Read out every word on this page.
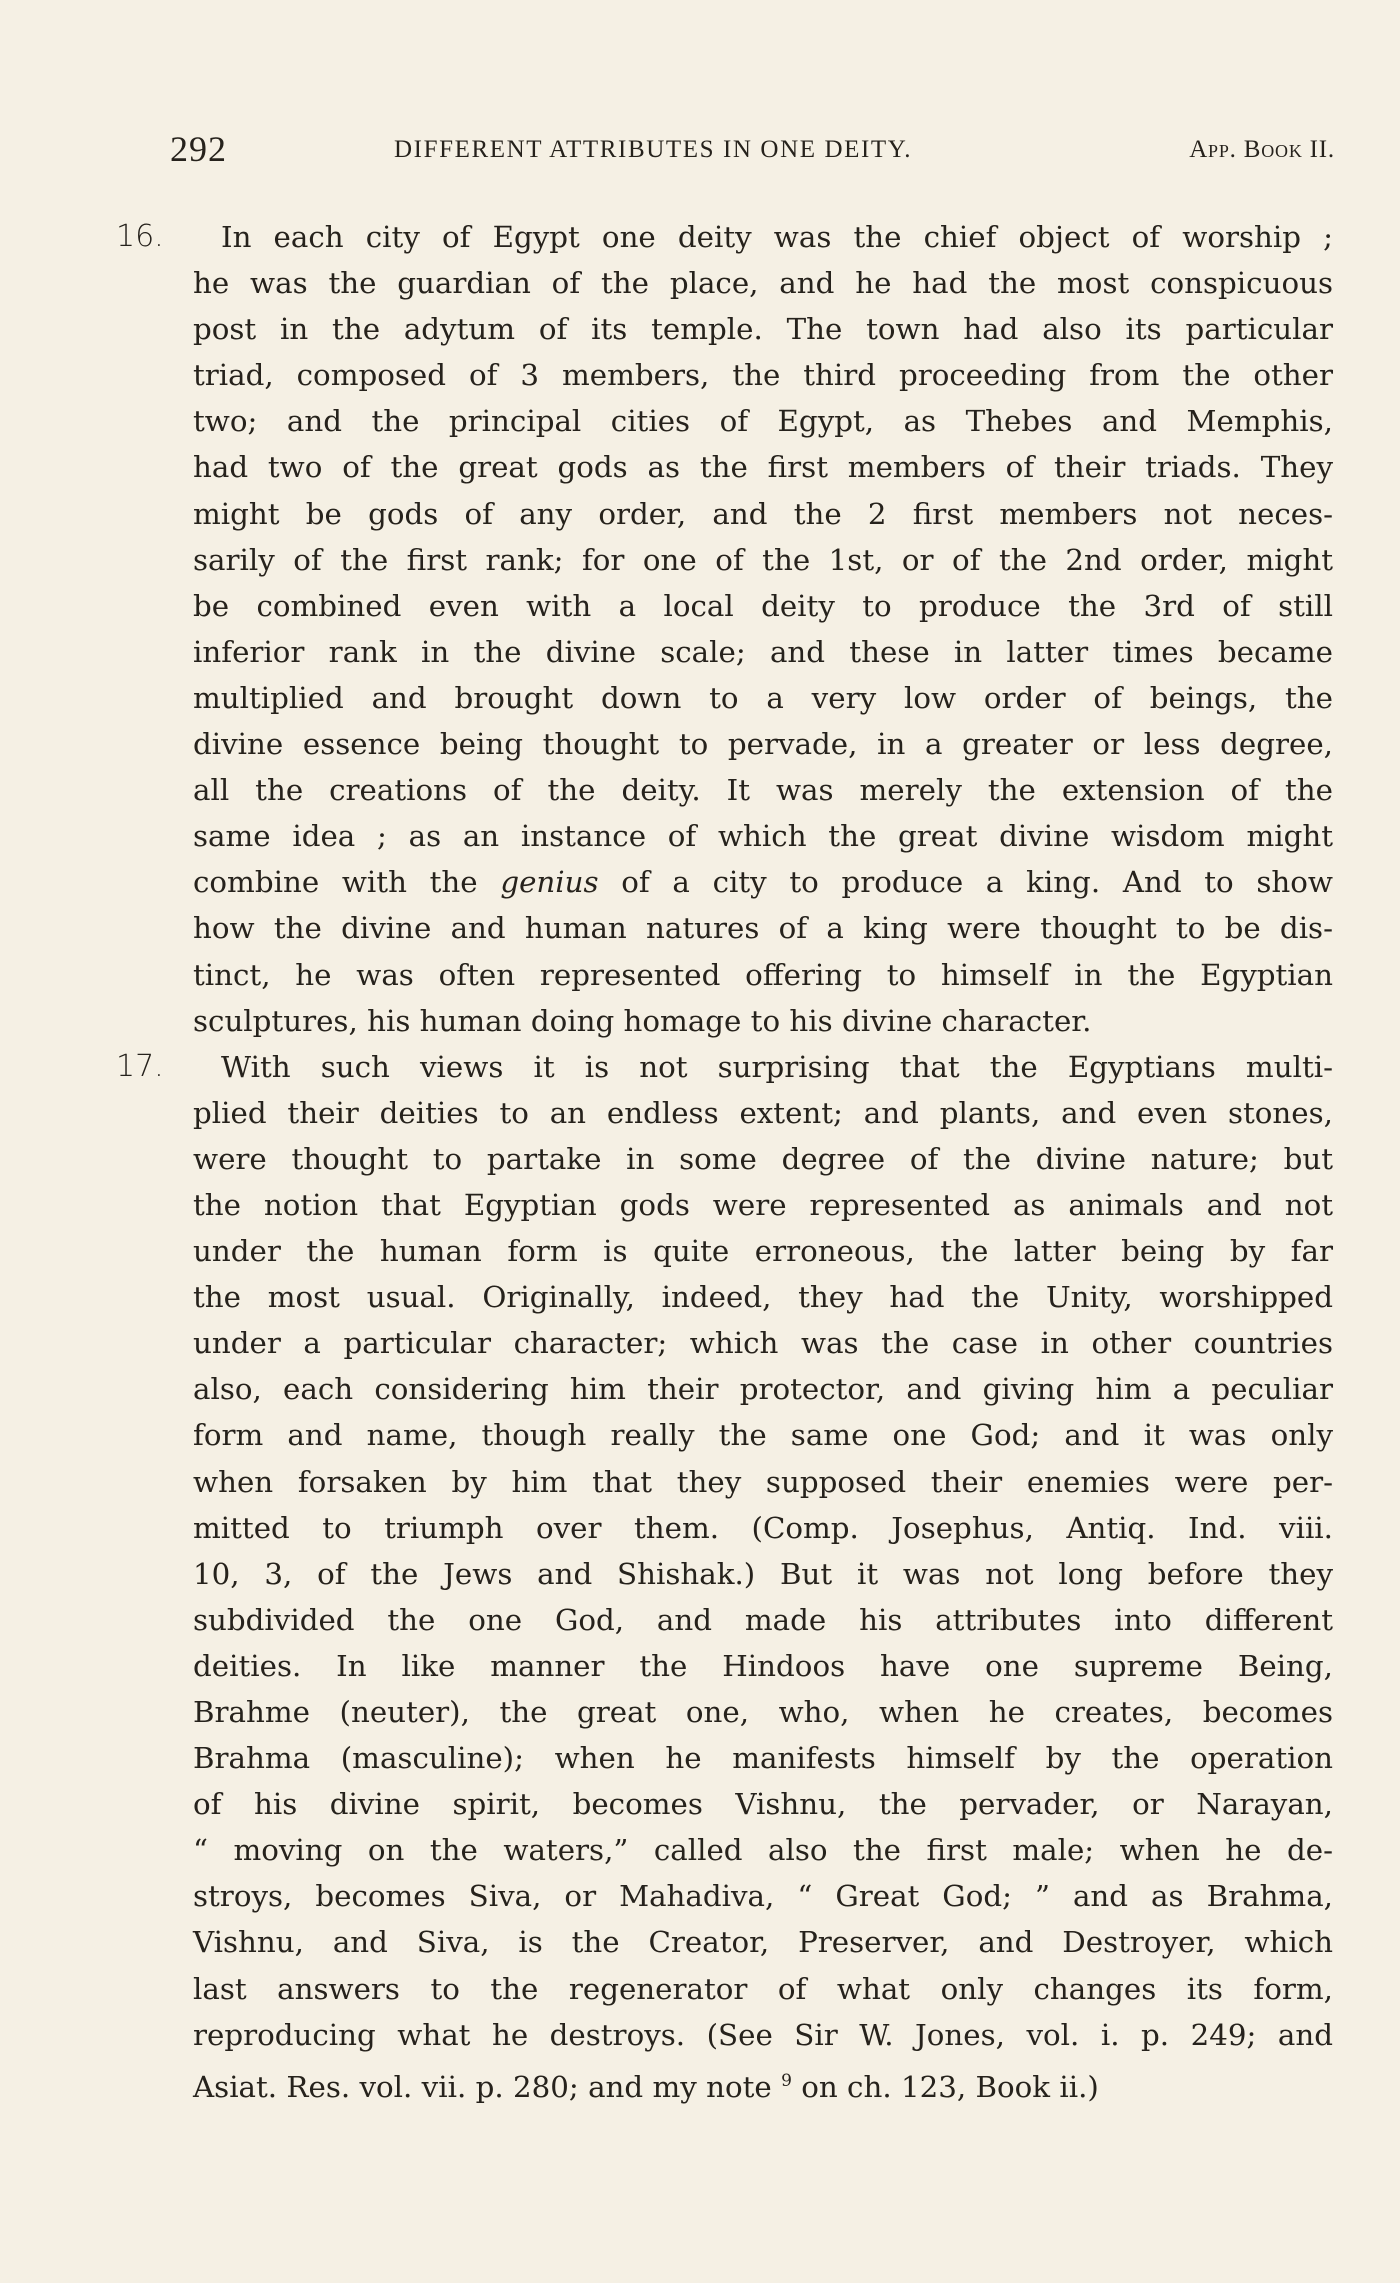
292	DIFFERENT ATTRIBUTES IN ONE DEITY.	App. Book II.
16.	In each city of Egypt one deity was the chief object of worship ;
he was the guardian of the place, and he had the most conspicuous
post in the adytum of its temple. The town had also its particular
triad, composed of 3 members, the third proceeding from the other
two; and the principal cities of Egypt, as Thebes and Memphis,
had two of the great gods as the first members of their triads. They
might be gods of any order, and the 2 first members not neces-
sarily of the first rank; for one of the 1st, or of the 2nd order, might
be combined even with a local deity to produce the 3rd of still
inferior rank in the divine scale; and these in latter times became
multiplied and brought down to a very low order of beings, the
divine essence being thought to pervade, in a greater or less degree,
all the creations of the deity. It was merely the extension of the
same idea ; as an instance of which the great divine wisdom might
combine with the genius of a city to produce a king. And to show
how the divine and human natures of a king were thought to be dis-
tinct, he was often represented offering to himself in the Egyptian
sculptures, his human doing homage to his divine character.
17.	With such views it is not surprising that the Egyptians multi-
plied their deities to an endless extent; and plants, and even stones,
were thought to partake in some degree of the divine nature; but
the notion that Egyptian gods were represented as animals and not
under the human form is quite erroneous, the latter being by far
the most usual. Originally, indeed, they had the Unity, worshipped
under a particular character; which was the case in other countries
also, each considering him their protector, and giving him a peculiar
form and name, though really the same one God; and it was only
when forsaken by him that they supposed their enemies were per-
mitted to triumph over them. (Comp. Josephus, Antiq. Ind. viii.
10, 3, of the Jews and Shishak.) But it was not long before they
subdivided the one God, and made his attributes into different
deities. In like manner the Hindoos have one supreme Being,
Brahme (neuter), the great one, who, when he creates, becomes
Brahma (masculine); when he manifests himself by the operation
of his divine spirit, becomes Vishnu, the pervader, or Narayan,
“ moving on the waters,” called also the first male; when he de-
stroys, becomes Siva, or Mahadiva, “ Great God; ” and as Brahma,
Vishnu, and Siva, is the Creator, Preserver, and Destroyer, which
last answers to the regenerator of what only changes its form,
reproducing what he destroys. (See Sir W. Jones, vol. i. p. 249; and
Asiat. Res. vol. vii. p. 280; and my note $^9$ on ch. 123, Book ii.)
